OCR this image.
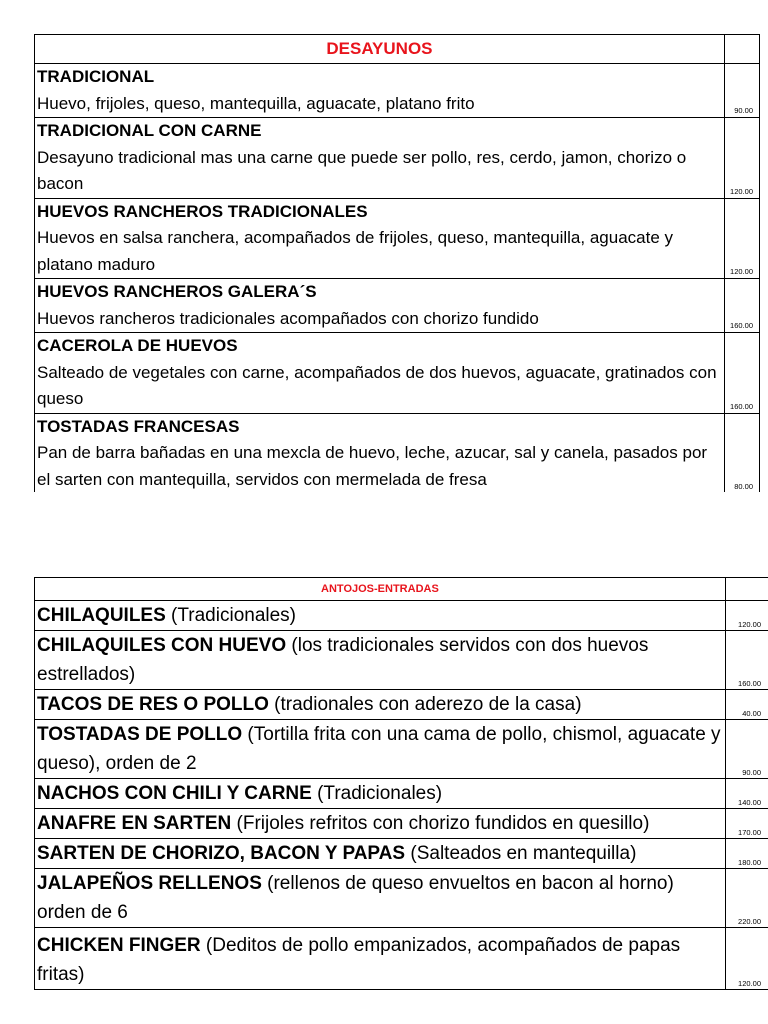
DESAYUNOS	
TRADICIONAL
Huevo, frijoles, queso, mantequilla, aguacate, platano frito	90.00
TRADICIONAL CON CARNE
Desayuno tradicional mas una carne que puede ser pollo, res, cerdo, jamon, chorizo o bacon	120.00
HUEVOS RANCHEROS TRADICIONALES
Huevos en salsa ranchera, acompañados de frijoles, queso, mantequilla, aguacate y platano maduro	120.00
HUEVOS RANCHEROS GALERA´S
Huevos rancheros tradicionales acompañados con chorizo fundido	160.00
CACEROLA DE HUEVOS
Salteado de vegetales con carne, acompañados de dos huevos, aguacate, gratinados con queso	160.00
TOSTADAS FRANCESAS
Pan de barra bañadas en una mexcla de huevo, leche, azucar, sal y canela, pasados por el sarten con mantequilla, servidos con mermelada de fresa	80.00
ANTOJOS-ENTRADAS	
CHILAQUILES (Tradicionales)	120.00
CHILAQUILES CON HUEVO (los tradicionales servidos con dos huevos estrellados)	160.00
TACOS DE RES O POLLO (tradionales con aderezo de la casa)	40.00
TOSTADAS DE POLLO (Tortilla frita con una cama de pollo, chismol, aguacate y queso), orden de 2	90.00
NACHOS CON CHILI Y CARNE (Tradicionales)	140.00
ANAFRE EN SARTEN (Frijoles refritos con chorizo fundidos en quesillo)	170.00
SARTEN DE CHORIZO, BACON Y PAPAS (Salteados en mantequilla)	180.00
JALAPEÑOS RELLENOS (rellenos de queso envueltos en bacon al horno) orden de 6	220.00
CHICKEN FINGER (Deditos de pollo empanizados, acompañados de papas fritas)	120.00
